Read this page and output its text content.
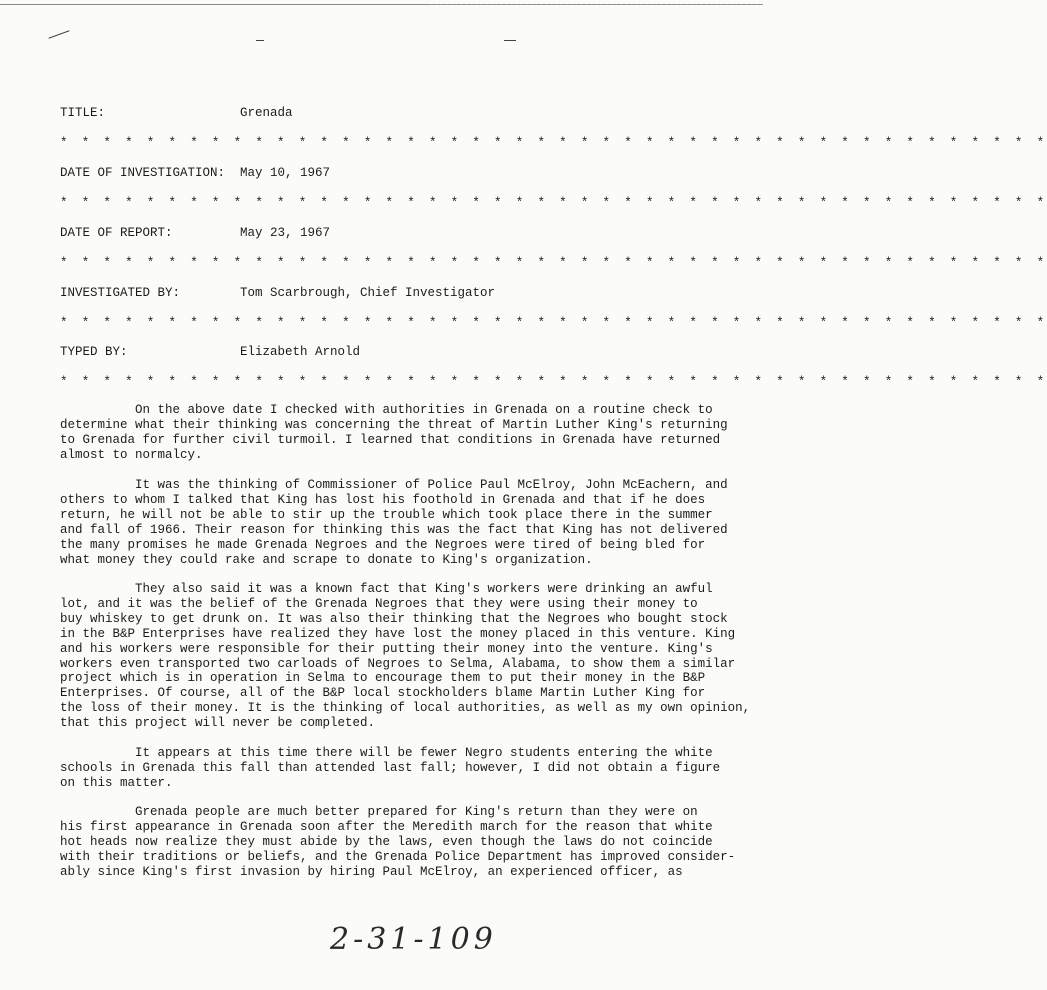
TITLE:	Grenada
* * * * * * * * * * * * * * * * * * * * * * * * * * * * * * * * * * * * * * * * * * * * * *
DATE OF INVESTIGATION: May 10, 1967
* * * * * * * * * * * * * * * * * * * * * * * * * * * * * * * * * * * * * * * * * * * * * *
DATE OF REPORT:	May 23, 1967
* * * * * * * * * * * * * * * * * * * * * * * * * * * * * * * * * * * * * * * * * * * * * *
INVESTIGATED BY:	Tom Scarbrough, Chief Investigator
* * * * * * * * * * * * * * * * * * * * * * * * * * * * * * * * * * * * * * * * * * * * * *
TYPED BY:	Elizabeth Arnold
* * * * * * * * * * * * * * * * * * * * * * * * * * * * * * * * * * * * * * * * * * * * * *

On the above date I checked with authorities in Grenada on a routine check to
determine what their thinking was concerning the threat of Martin Luther King's returning
to Grenada for further civil turmoil. I learned that conditions in Grenada have returned
almost to normalcy.

It was the thinking of Commissioner of Police Paul McElroy, John McEachern, and
others to whom I talked that King has lost his foothold in Grenada and that if he does
return, he will not be able to stir up the trouble which took place there in the summer
and fall of 1966. Their reason for thinking this was the fact that King has not delivered
the many promises he made Grenada Negroes and the Negroes were tired of being bled for
what money they could rake and scrape to donate to King's organization.

They also said it was a known fact that King's workers were drinking an awful
lot, and it was the belief of the Grenada Negroes that they were using their money to
buy whiskey to get drunk on. It was also their thinking that the Negroes who bought stock
in the B&P Enterprises have realized they have lost the money placed in this venture. King
and his workers were responsible for their putting their money into the venture. King's
workers even transported two carloads of Negroes to Selma, Alabama, to show them a similar
project which is in operation in Selma to encourage them to put their money in the B&P
Enterprises. Of course, all of the B&P local stockholders blame Martin Luther King for
the loss of their money. It is the thinking of local authorities, as well as my own opinion,
that this project will never be completed.

It appears at this time there will be fewer Negro students entering the white
schools in Grenada this fall than attended last fall; however, I did not obtain a figure
on this matter.

Grenada people are much better prepared for King's return than they were on
his first appearance in Grenada soon after the Meredith march for the reason that white
hot heads now realize they must abide by the laws, even though the laws do not coincide
with their traditions or beliefs, and the Grenada Police Department has improved consider-
ably since King's first invasion by hiring Paul McElroy, an experienced officer, as

2-31-109
